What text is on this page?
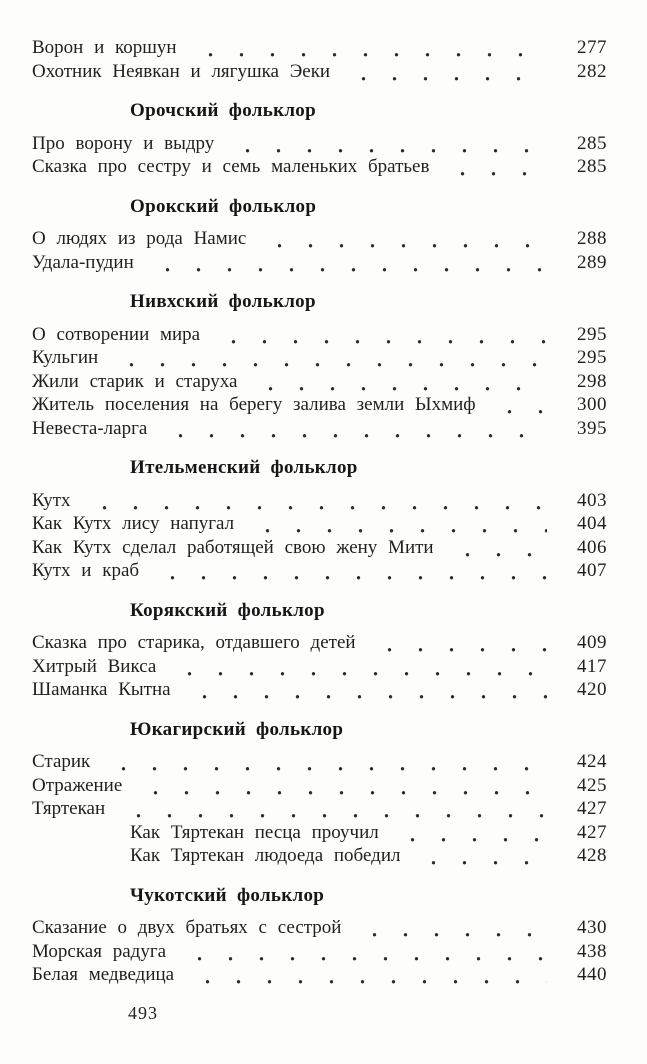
Ворон и коршун	277
Охотник Неявкан и лягушка Эеки	282
Орочский фольклор
Про ворону и выдру	285
Сказка про сестру и семь маленьких братьев	285
Орокский фольклор
О людях из рода Намис	288
Удала-пудин	289
Нивхский фольклор
О сотворении мира	295
Кульгин	295
Жили старик и старуха	298
Житель поселения на берегу залива земли Ыхмиф	300
Невеста-ларга	395
Ительменский фольклор
Кутх	403
Как Кутх лису напугал	404
Как Кутх сделал работящей свою жену Мити	406
Кутх и краб	407
Корякский фольклор
Сказка про старика, отдавшего детей	409
Хитрый Викса	417
Шаманка Кытна	420
Юкагирский фольклор
Старик	424
Отражение	425
Тяртекан	427
Как Тяртекан песца проучил	427
Как Тяртекан людоеда победил	428
Чукотский фольклор
Сказание о двух братьях с сестрой	430
Морская радуга	438
Белая медведица	440
493
